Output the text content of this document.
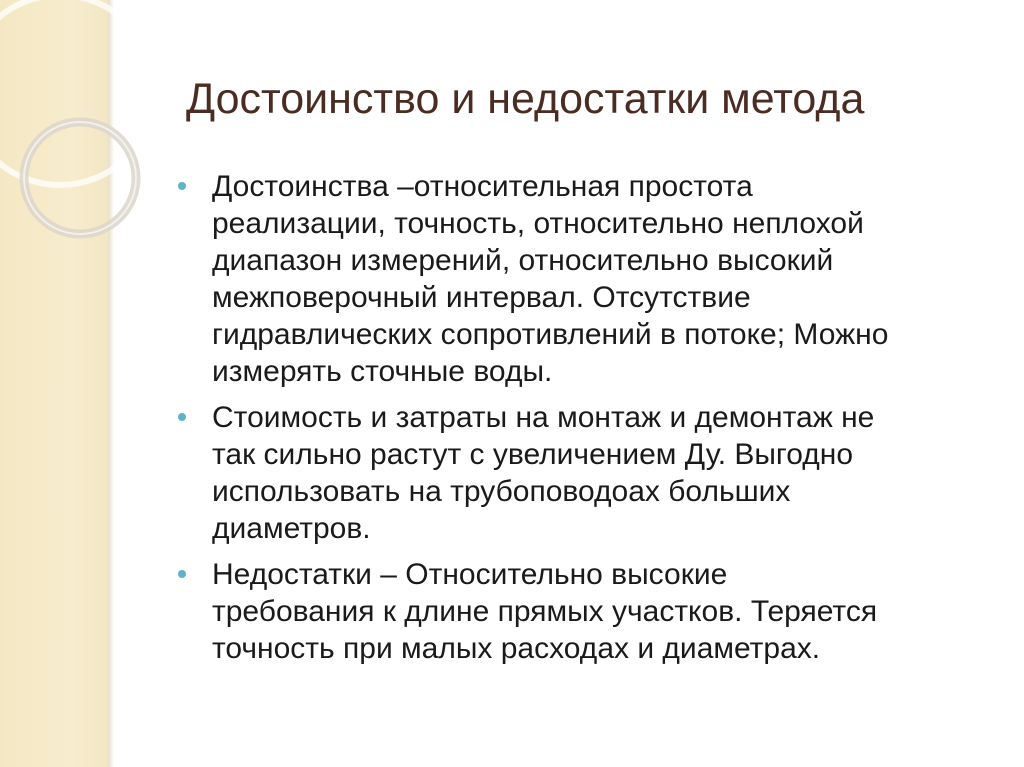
Достоинство и недостатки метода
Достоинства –относительная простота
реализации, точность, относительно неплохой
диапазон измерений, относительно высокий
межповерочный интервал. Отсутствие
гидравлических сопротивлений в потоке; Можно
измерять сточные воды.
Стоимость и затраты на монтаж и демонтаж не
так сильно растут с увеличением Ду. Выгодно
использовать на трубоповодоах больших
диаметров.
Недостатки – Относительно высокие
требования к длине прямых участков. Теряется
точность при малых расходах и диаметрах.
